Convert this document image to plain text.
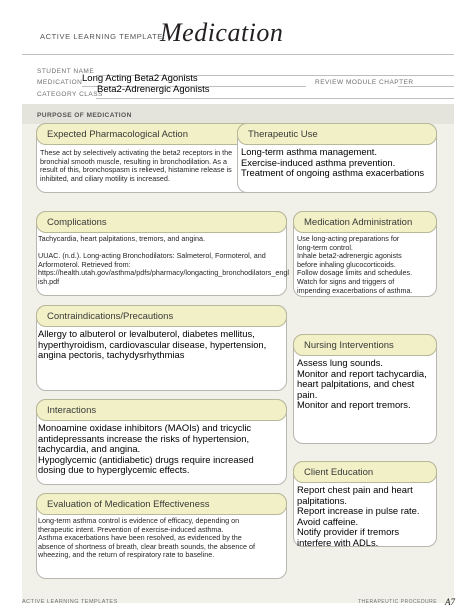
ACTIVE LEARNING TEMPLATE:
Medication
STUDENT NAME
MEDICATION Long Acting Beta2 Agonists	REVIEW MODULE CHAPTER
CATEGORY CLASS
Beta2-Adrenergic Agonists
PURPOSE OF MEDICATION
Expected Pharmacological Action
These act by selectively activating the beta2 receptors in the
bronchial smooth muscle, resulting in bronchodilation. As a
result of this, bronchospasm is relieved, histamine release is
inhibited, and ciliary motility is increased.
Therapeutic Use
Long-term asthma management.
Exercise-induced asthma prevention.
Treatment of ongoing asthma exacerbations
Complications
Tachycardia, heart palpitations, tremors, and angina.

UUAC. (n.d.). Long-acting Bronchodilators: Salmeterol, Formoterol, and
Arformoterol. Retrieved from:
https://health.utah.gov/asthma/pdfs/pharmacy/longacting_bronchodilators_engl
ish.pdf
Medication Administration
Use long-acting preparations for
long-term control.
Inhale beta2-adrenergic agonists
before inhaling glucocorticoids.
Follow dosage limits and schedules.
Watch for signs and triggers of
impending exacerbations of asthma.
Contraindications/Precautions
Allergy to albuterol or levalbuterol, diabetes mellitus,
hyperthyroidism, cardiovascular disease, hypertension,
angina pectoris, tachydysrhythmias
Nursing Interventions
Assess lung sounds.
Monitor and report tachycardia,
heart palpitations, and chest
pain.
Monitor and report tremors.
Interactions
Monoamine oxidase inhibitors (MAOIs) and tricyclic
antidepressants increase the risks of hypertension,
tachycardia, and angina.
Hypoglycemic (antidiabetic) drugs require increased
dosing due to hyperglycemic effects.	Client Education
Report chest pain and heart
palpitations.
Report increase in pulse rate.
Avoid caffeine.
Notify provider if tremors
interfere with ADLs.
Evaluation of Medication Effectiveness
Long-term asthma control is evidence of efficacy, depending on
therapeutic intent. Prevention of exercise-induced asthma.
Asthma exacerbations have been resolved, as evidenced by the
absence of shortness of breath, clear breath sounds, the absence of
wheezing, and the return of respiratory rate to baseline.
ACTIVE LEARNING TEMPLATES	THERAPEUTIC PROCEDURE A7
